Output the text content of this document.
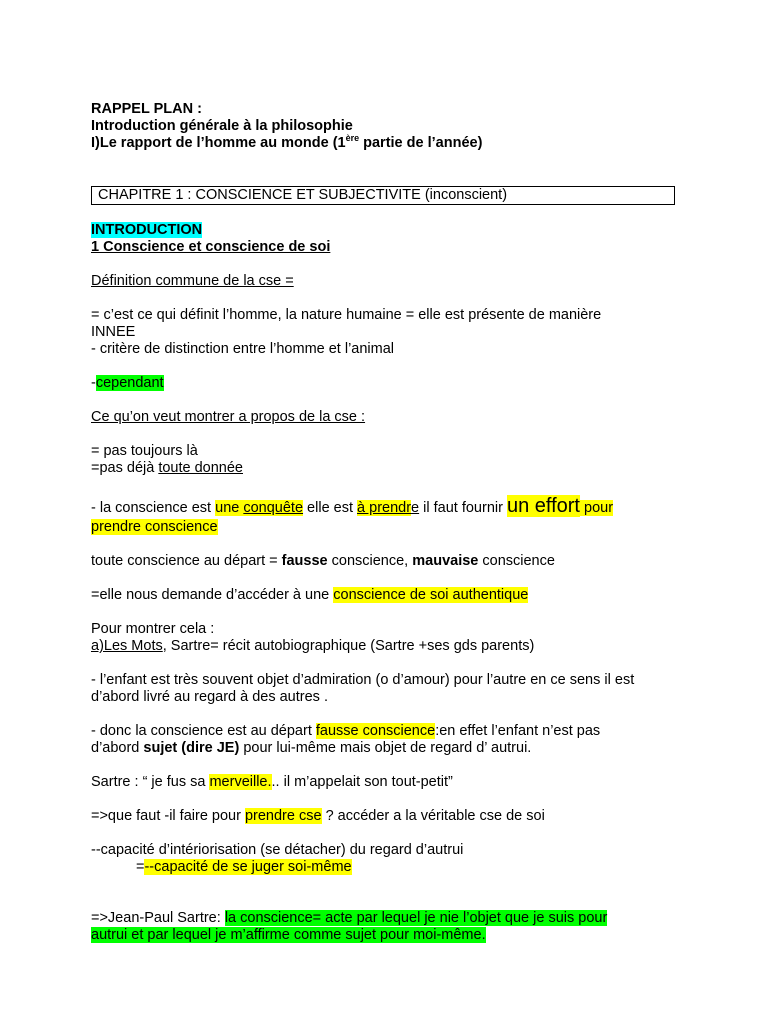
RAPPEL PLAN :

Introduction générale à la philosophie

I)Le rapport de l’homme au monde (1ère partie de l’année)

CHAPITRE 1 : CONSCIENCE ET SUBJECTIVITE (inconscient)

INTRODUCTION

1 Conscience et conscience de soi

Définition commune de la cse =

= c’est ce qui définit l’homme, la nature humaine = elle est présente de manière

INNEE

- critère de distinction entre l’homme et l’animal

-cependant

Ce qu’on veut montrer a propos de la cse :

= pas toujours là

=pas déjà toute donnée

- la conscience est une conquête elle est à prendre il faut fournir un effort pour

prendre conscience

toute conscience au départ = fausse conscience, mauvaise conscience

=elle nous demande d’accéder à une conscience de soi authentique

Pour montrer cela :

a)Les Mots, Sartre= récit autobiographique (Sartre +ses gds parents)

- l’enfant est très souvent objet d’admiration (o d’amour) pour l’autre en ce sens il est

d’abord livré au regard à des autres .

- donc la conscience est au départ fausse conscience:en effet l’enfant n’est pas

d’abord sujet (dire JE) pour lui-même mais objet de regard d’ autrui.

Sartre : “ je fus sa merveille... il m’appelait son tout-petit”

=>que faut -il faire pour prendre cse ? accéder a la véritable cse de soi

--capacité d’intériorisation (se détacher) du regard d’autrui

=--capacité de se juger soi-même

=>Jean-Paul Sartre: la conscience= acte par lequel je nie l’objet que je suis pour

autrui et par lequel je m’affirme comme sujet pour moi-même.
